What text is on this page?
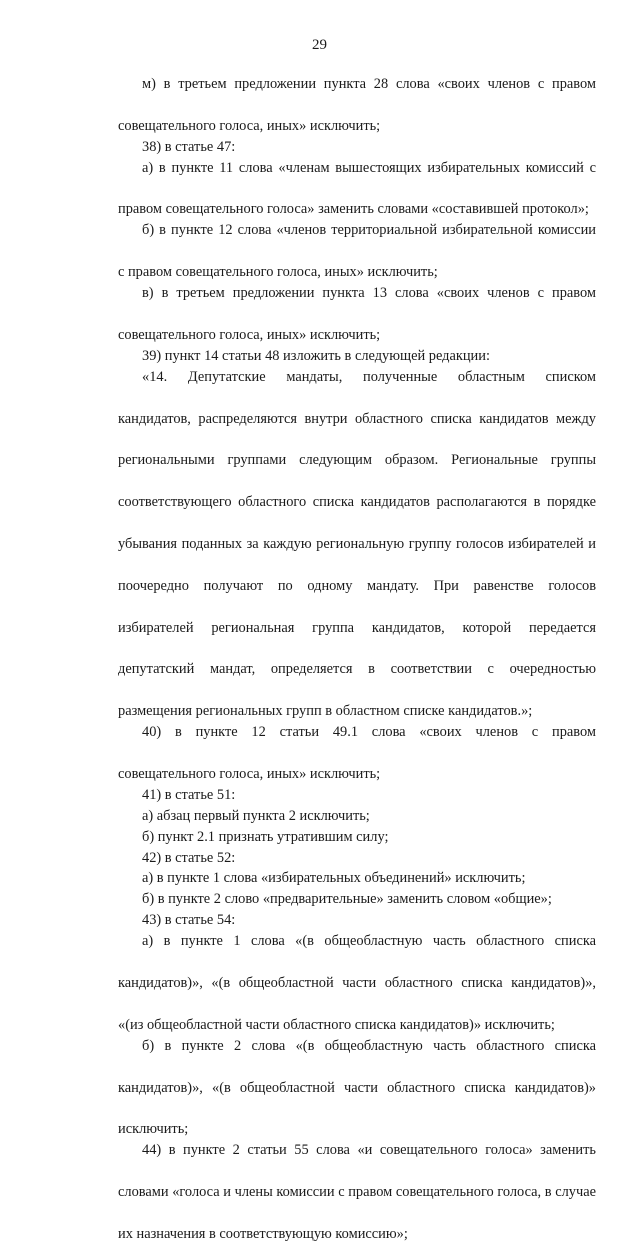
29
м) в третьем предложении пункта 28 слова «своих членов с правом
совещательного голоса, иных» исключить;
38) в статье 47:
а) в пункте 11 слова «членам вышестоящих избирательных комиссий с
правом совещательного голоса» заменить словами «составившей протокол»;
б) в пункте 12 слова «членов территориальной избирательной комиссии
с правом совещательного голоса, иных» исключить;
в) в третьем предложении пункта 13 слова «своих членов с правом
совещательного голоса, иных» исключить;
39) пункт 14 статьи 48 изложить в следующей редакции:
«14. Депутатские мандаты, полученные областным списком
кандидатов, распределяются внутри областного списка кандидатов между
региональными группами следующим образом. Региональные группы
соответствующего областного списка кандидатов располагаются в порядке
убывания поданных за каждую региональную группу голосов избирателей и
поочередно получают по одному мандату. При равенстве голосов
избирателей региональная группа кандидатов, которой передается
депутатский мандат, определяется в соответствии с очередностью
размещения региональных групп в областном списке кандидатов.»;
40) в пункте 12 статьи 49.1 слова «своих членов с правом
совещательного голоса, иных» исключить;
41) в статье 51:
а) абзац первый пункта 2 исключить;
б) пункт 2.1 признать утратившим силу;
42) в статье 52:
а) в пункте 1 слова «избирательных объединений» исключить;
б) в пункте 2 слово «предварительные» заменить словом «общие»;
43) в статье 54:
а) в пункте 1 слова «(в общеобластную часть областного списка
кандидатов)», «(в общеобластной части областного списка кандидатов)»,
«(из общеобластной части областного списка кандидатов)» исключить;
б) в пункте 2 слова «(в общеобластную часть областного списка
кандидатов)», «(в общеобластной части областного списка кандидатов)»
исключить;
44) в пункте 2 статьи 55 слова «и совещательного голоса» заменить
словами «голоса и члены комиссии с правом совещательного голоса, в случае
их назначения в соответствующую комиссию»;
